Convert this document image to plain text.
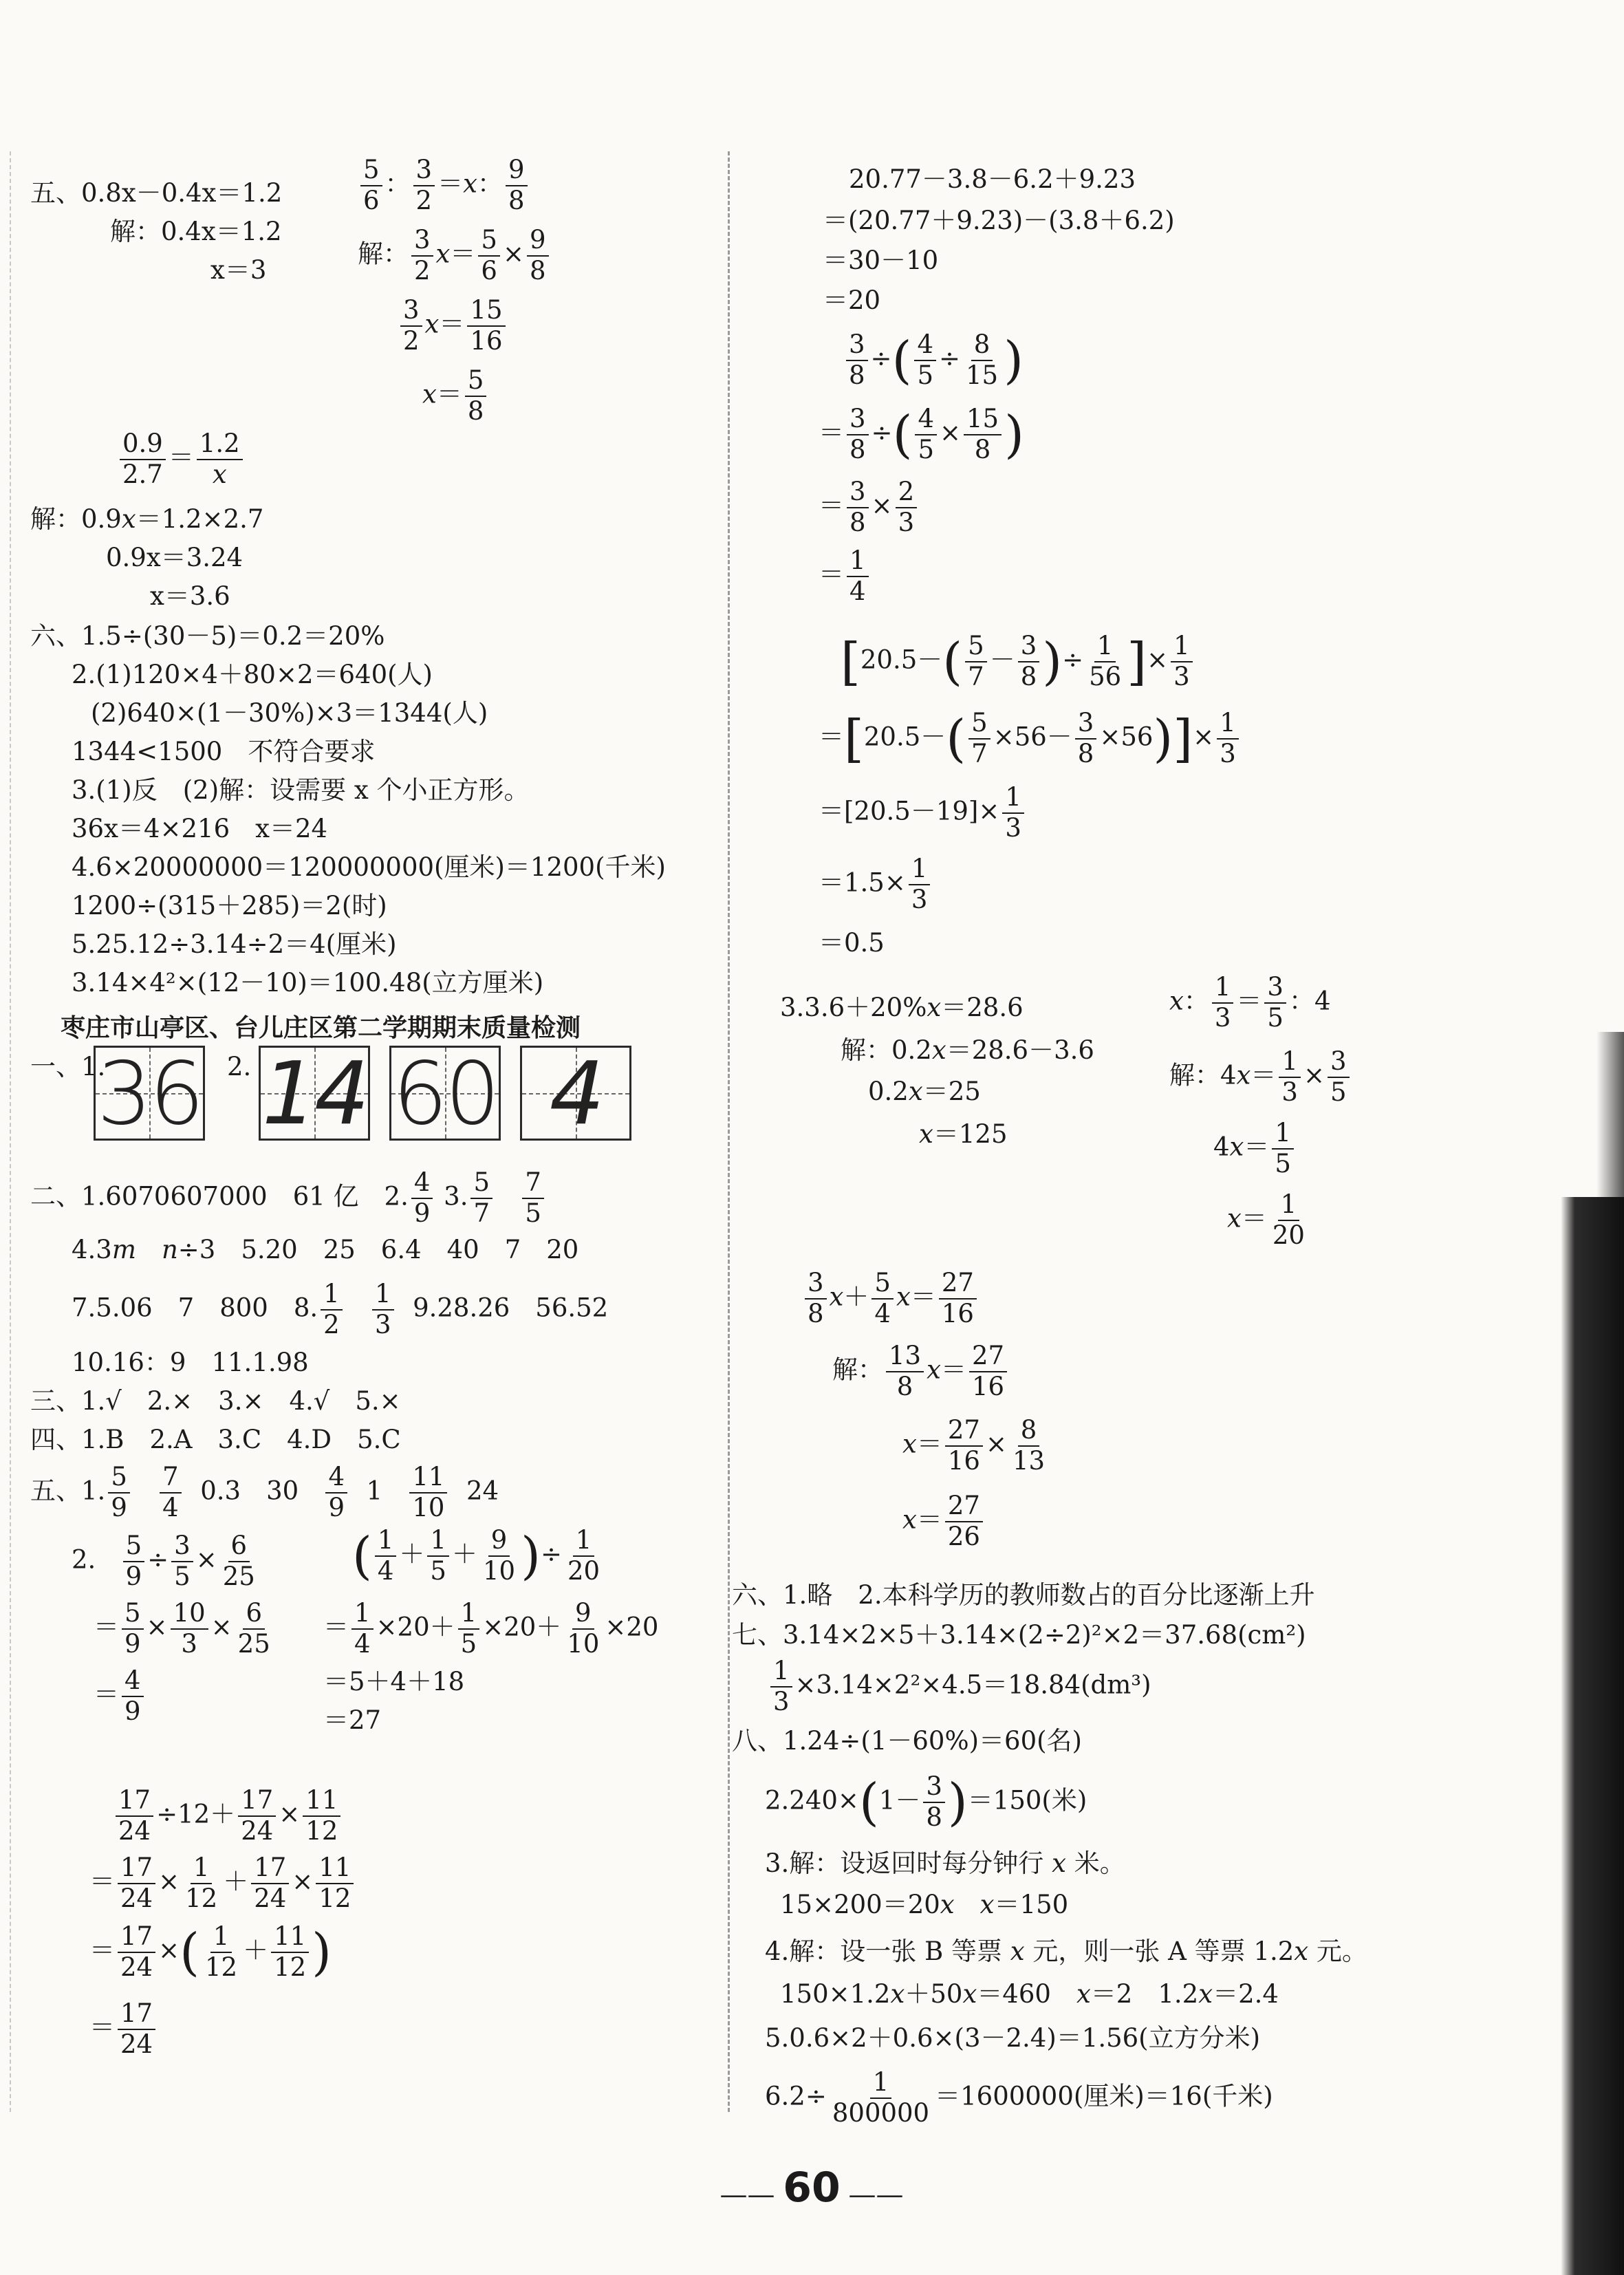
五、0.8x－0.4x＝1.2
解：0.4x＝1.2
x＝3
$\frac{5}{6}$ ： $\frac{3}{2} =x$： $\frac{9}{8}$
解： $\frac{3}{2} x= \frac{5}{6} \times \frac{9}{8}$
$\frac{3}{2} x= \frac{15}{16}$
$x= \frac{5}{8}$
$\frac{0.9}{2.7} = \frac{1.2}{x}$
解：0.9x＝1.2×2.7
0.9x＝3.24
x＝3.6
六、1.5÷(30－5)＝0.2＝20%
2.(1)120×4＋80×2＝640(人)
(2)640×(1－30%)×3＝1344(人)
1344<1500　不符合要求
3.(1)反　(2)解：设需要 x 个小正方形。
36x＝4×216　x＝24
4.6×20000000＝120000000(厘米)＝1200(千米)
1200÷(315＋285)＝2(时)
5.25.12÷3.14÷2＝4(厘米)
3.14×4²×(12－10)＝100.48(立方厘米)
枣庄市山亭区、台儿庄区第二学期期末质量检测
一、1.
36 2. 14 60 4
二、1.6070607000　61 亿　2. $\frac{4}{9} 3$. $\frac{5}{7}$
$\frac{7}{5}$
4.3m　 n÷3　5.20　25　6.4　40　7　20
7.5.06　7　800　8. $\frac{1}{2}$
$\frac{1}{3} 9.28.26$　56.52
10.16：9　11.1.98
三、1.√　2.×　3.×　4.√　5.×
四、1.B　2.A　3.C　4.D　5.C
五、1. $\frac{5}{9}$
$\frac{7}{4} 0.3$　$30 \frac{4}{9} 1 \frac{11}{10} 24$
2. $\frac{5}{9} \div \frac{3}{5} \times \frac{6}{25}$
＝ $\frac{5}{9} \times \frac{10}{3} \times \frac{6}{25}$
＝ $\frac{4}{9}$
( $\frac{1}{4} + \frac{1}{5} + \frac{9}{10}$ )÷ $\frac{1}{20}$
＝ $\frac{1}{4} \times 20+ \frac{1}{5} \times 20+ \frac{9}{10} \times 20$
＝5＋4＋18
＝27
$\frac{17}{24} \div 12+ \frac{17}{24} \times \frac{11}{12}$
＝ $\frac{17}{24} \times \frac{1}{12} + \frac{17}{24} \times \frac{11}{12}$
＝ $\frac{17}{24}$ ×( $\frac{1}{12} + \frac{11}{12}$ )
＝ $\frac{17}{24}$
20.77－3.8－6.2＋9.23
＝(20.77＋9.23)－(3.8＋6.2)
＝30－10
＝20
$\frac{3}{8}$ ÷( $\frac{4}{5} \div \frac{8}{15}$ )
＝ $\frac{3}{8}$ ÷( $\frac{4}{5} \times \frac{15}{8}$ )
＝ $\frac{3}{8} \times \frac{2}{3}$
＝ $\frac{1}{4}$
[$20.5-( \frac{5}{7} - \frac{3}{8}$ )÷ $\frac{1}{56}$ ]× $\frac{1}{3}$
$=[20.5-( \frac{5}{7} \times 56- \frac{3}{8} \times 56)]\times \frac{1}{3}$
$=[20.5-19]\times \frac{1}{3}$
$=1.5\times \frac{1}{3}$
＝0.5
3.3.6＋20%x＝28.6
解：0.2x＝28.6－3.6
0.2x＝25
x＝125
x： $\frac{1}{3} = \frac{3}{5}$ ：4
解：$4x= \frac{1}{3} \times \frac{3}{5}$
$4x= \frac{1}{5}$
$x= \frac{1}{20}$
$\frac{3}{8} x+ \frac{5}{4} x= \frac{27}{16}$
解： $\frac{13}{8} x= \frac{27}{16}$
$x= \frac{27}{16} \times \frac{8}{13}$
$x= \frac{27}{26}$
六、1.略　2.本科学历的教师数占的百分比逐渐上升
七、3.14×2×5＋3.14×(2÷2)²×2＝37.68(cm²)
$\frac{1}{3} \times 3.14\times 2^2\times 4.5=18.84(dm^3)$
八、1.24÷(1－60%)＝60(名)
$2.240\times(1- \frac{3}{8} )=150$(米)
3.解：设返回时每分钟行 x 米。
15×200＝20x　 x＝150
4.解：设一张 B 等票 x 元，则一张 A 等票 1.2x 元。
150×1.2x＋50x＝460　x＝2　1.2x＝2.4
5.0.6×2＋0.6×(3－2.4)＝1.56(立方分米)
$6.2\div \frac{1}{800000} =1600000$(厘米)＝16(千米)
—— 60 ——
